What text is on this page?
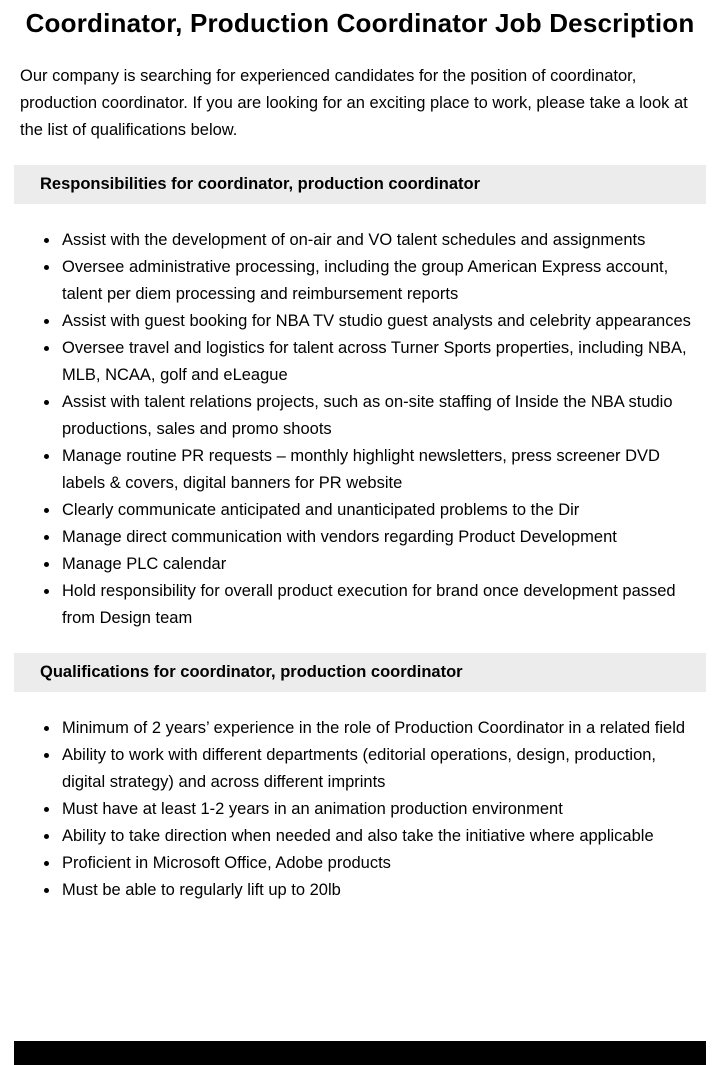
Coordinator, Production Coordinator Job Description

Our company is searching for experienced candidates for the position of coordinator, production coordinator. If you are looking for an exciting place to work, please take a look at the list of qualifications below.

Responsibilities for coordinator, production coordinator
• Assist with the development of on-air and VO talent schedules and assignments
• Oversee administrative processing, including the group American Express account, talent per diem processing and reimbursement reports
• Assist with guest booking for NBA TV studio guest analysts and celebrity appearances
• Oversee travel and logistics for talent across Turner Sports properties, including NBA, MLB, NCAA, golf and eLeague
• Assist with talent relations projects, such as on-site staffing of Inside the NBA studio productions, sales and promo shoots
• Manage routine PR requests – monthly highlight newsletters, press screener DVD labels & covers, digital banners for PR website
• Clearly communicate anticipated and unanticipated problems to the Dir
• Manage direct communication with vendors regarding Product Development
• Manage PLC calendar
• Hold responsibility for overall product execution for brand once development passed from Design team
Qualifications for coordinator, production coordinator
• Minimum of 2 years’ experience in the role of Production Coordinator in a related field
• Ability to work with different departments (editorial operations, design, production, digital strategy) and across different imprints
• Must have at least 1-2 years in an animation production environment
• Ability to take direction when needed and also take the initiative where applicable
• Proficient in Microsoft Office, Adobe products
• Must be able to regularly lift up to 20lb
